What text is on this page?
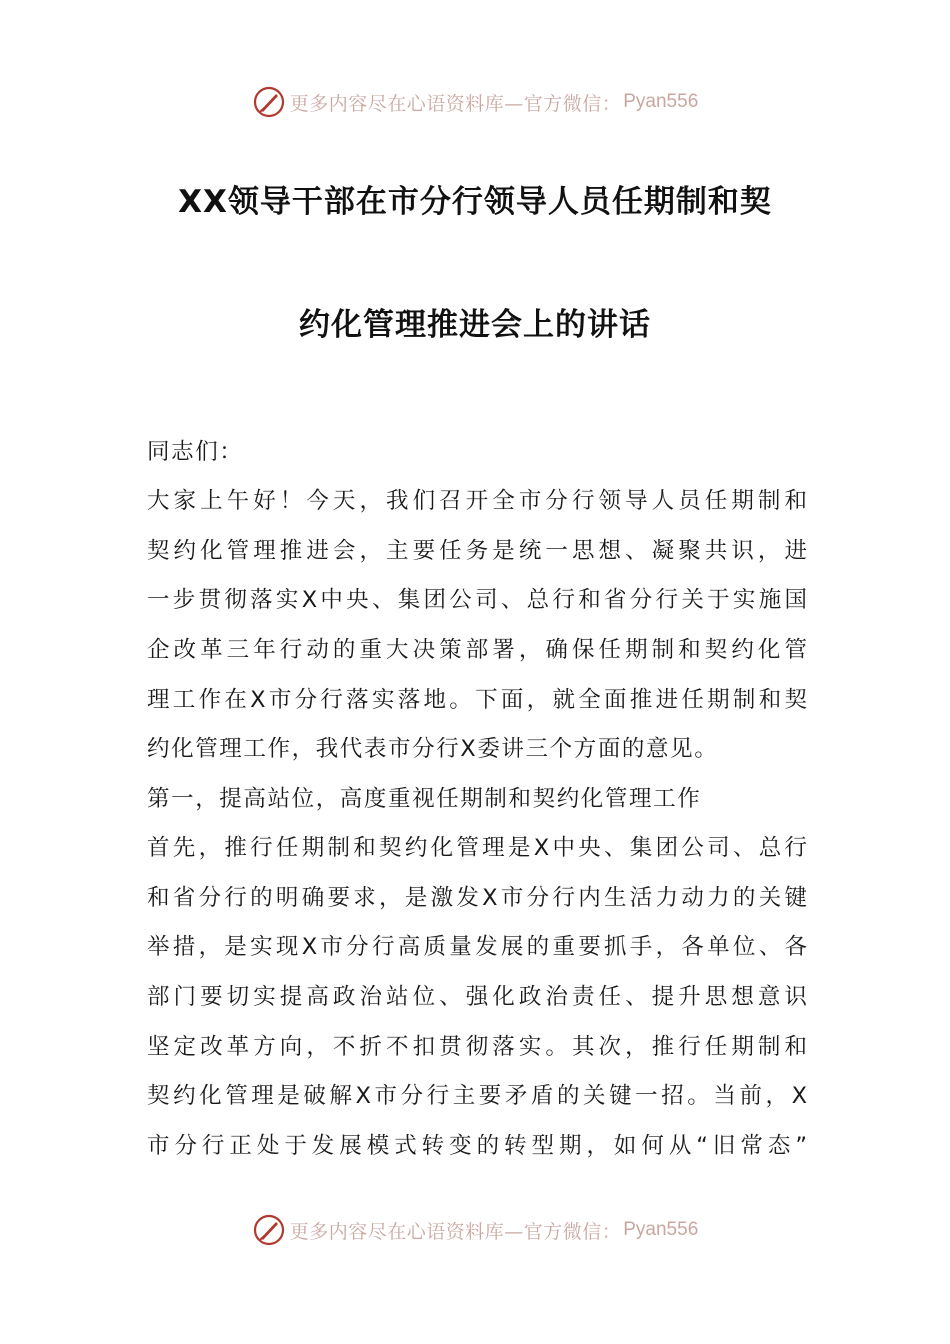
更多内容尽在心语资料库—官方微信： Pyan556
XX领导干部在市分行领导人员任期制和契
约化管理推进会上的讲话
同志们：
大家上午好！今天，我们召开全市分行领导人员任期制和
契约化管理推进会，主要任务是统一思想、凝聚共识，进
一步贯彻落实X中央、集团公司、总行和省分行关于实施国
企改革三年行动的重大决策部署，确保任期制和契约化管
理工作在X市分行落实落地。下面，就全面推进任期制和契
约化管理工作，我代表市分行X委讲三个方面的意见。
第一，提高站位，高度重视任期制和契约化管理工作
首先，推行任期制和契约化管理是X中央、集团公司、总行
和省分行的明确要求，是激发X市分行内生活力动力的关键
举措，是实现X市分行高质量发展的重要抓手，各单位、各
部门要切实提高政治站位、强化政治责任、提升思想意识
坚定改革方向，不折不扣贯彻落实。其次，推行任期制和
契约化管理是破解X市分行主要矛盾的关键一招。当前，X
市分行正处于发展模式转变的转型期，如何从“旧常态”
更多内容尽在心语资料库—官方微信： Pyan556
